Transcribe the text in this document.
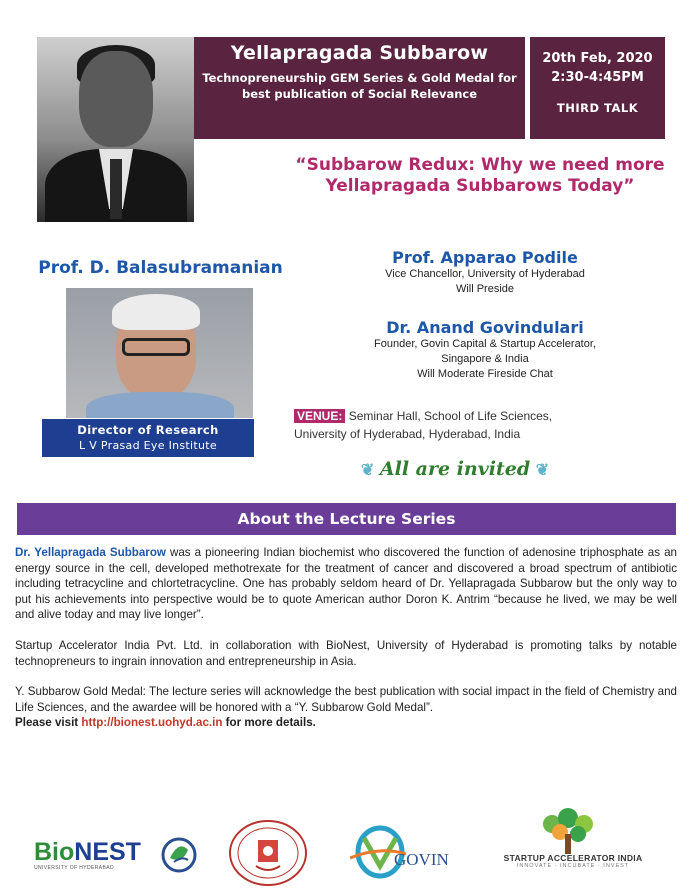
Yellapragada Subbarow
Technopreneurship GEM Series & Gold Medal for best publication of Social Relevance
20th Feb, 2020
2:30-4:45PM
THIRD TALK
“Subbarow Redux: Why we need more Yellapragada Subbarows Today”
Prof. D. Balasubramanian
Director of Research
L V Prasad Eye Institute
Prof. Apparao Podile
Vice Chancellor, University of Hyderabad
Will Preside
Dr. Anand Govindulari
Founder, Govin Capital & Startup Accelerator,
Singapore & India
Will Moderate Fireside Chat
VENUE: Seminar Hall, School of Life Sciences,
University of Hyderabad, Hyderabad, India
❦ All are invited ❦
About the Lecture Series

Dr. Yellapragada Subbarow was a pioneering Indian biochemist who discovered the function of adenosine triphosphate as an energy source in the cell, developed methotrexate for the treatment of cancer and discovered a broad spectrum of antibiotic including tetracycline and chlortetracycline. One has probably seldom heard of Dr. Yellapragada Subbarow but the only way to put his achievements into perspective would be to quote American author Doron K. Antrim “because he lived, we may be well and alive today and may live longer”.

Startup Accelerator India Pvt. Ltd. in collaboration with BioNest, University of Hyderabad is promoting talks by notable technopreneurs to ingrain innovation and entrepreneurship in Asia.

Y. Subbarow Gold Medal: The lecture series will acknowledge the best publication with social impact in the field of Chemistry and Life Sciences, and the awardee will be honored with a “Y. Subbarow Gold Medal”.

Please visit http://bionest.uohyd.ac.in for more details.
BioNEST
UNIVERSITY OF HYDERABAD	GOVIN	STARTUP ACCELERATOR INDIA
INNOVATE · INCUBATE · INVEST
